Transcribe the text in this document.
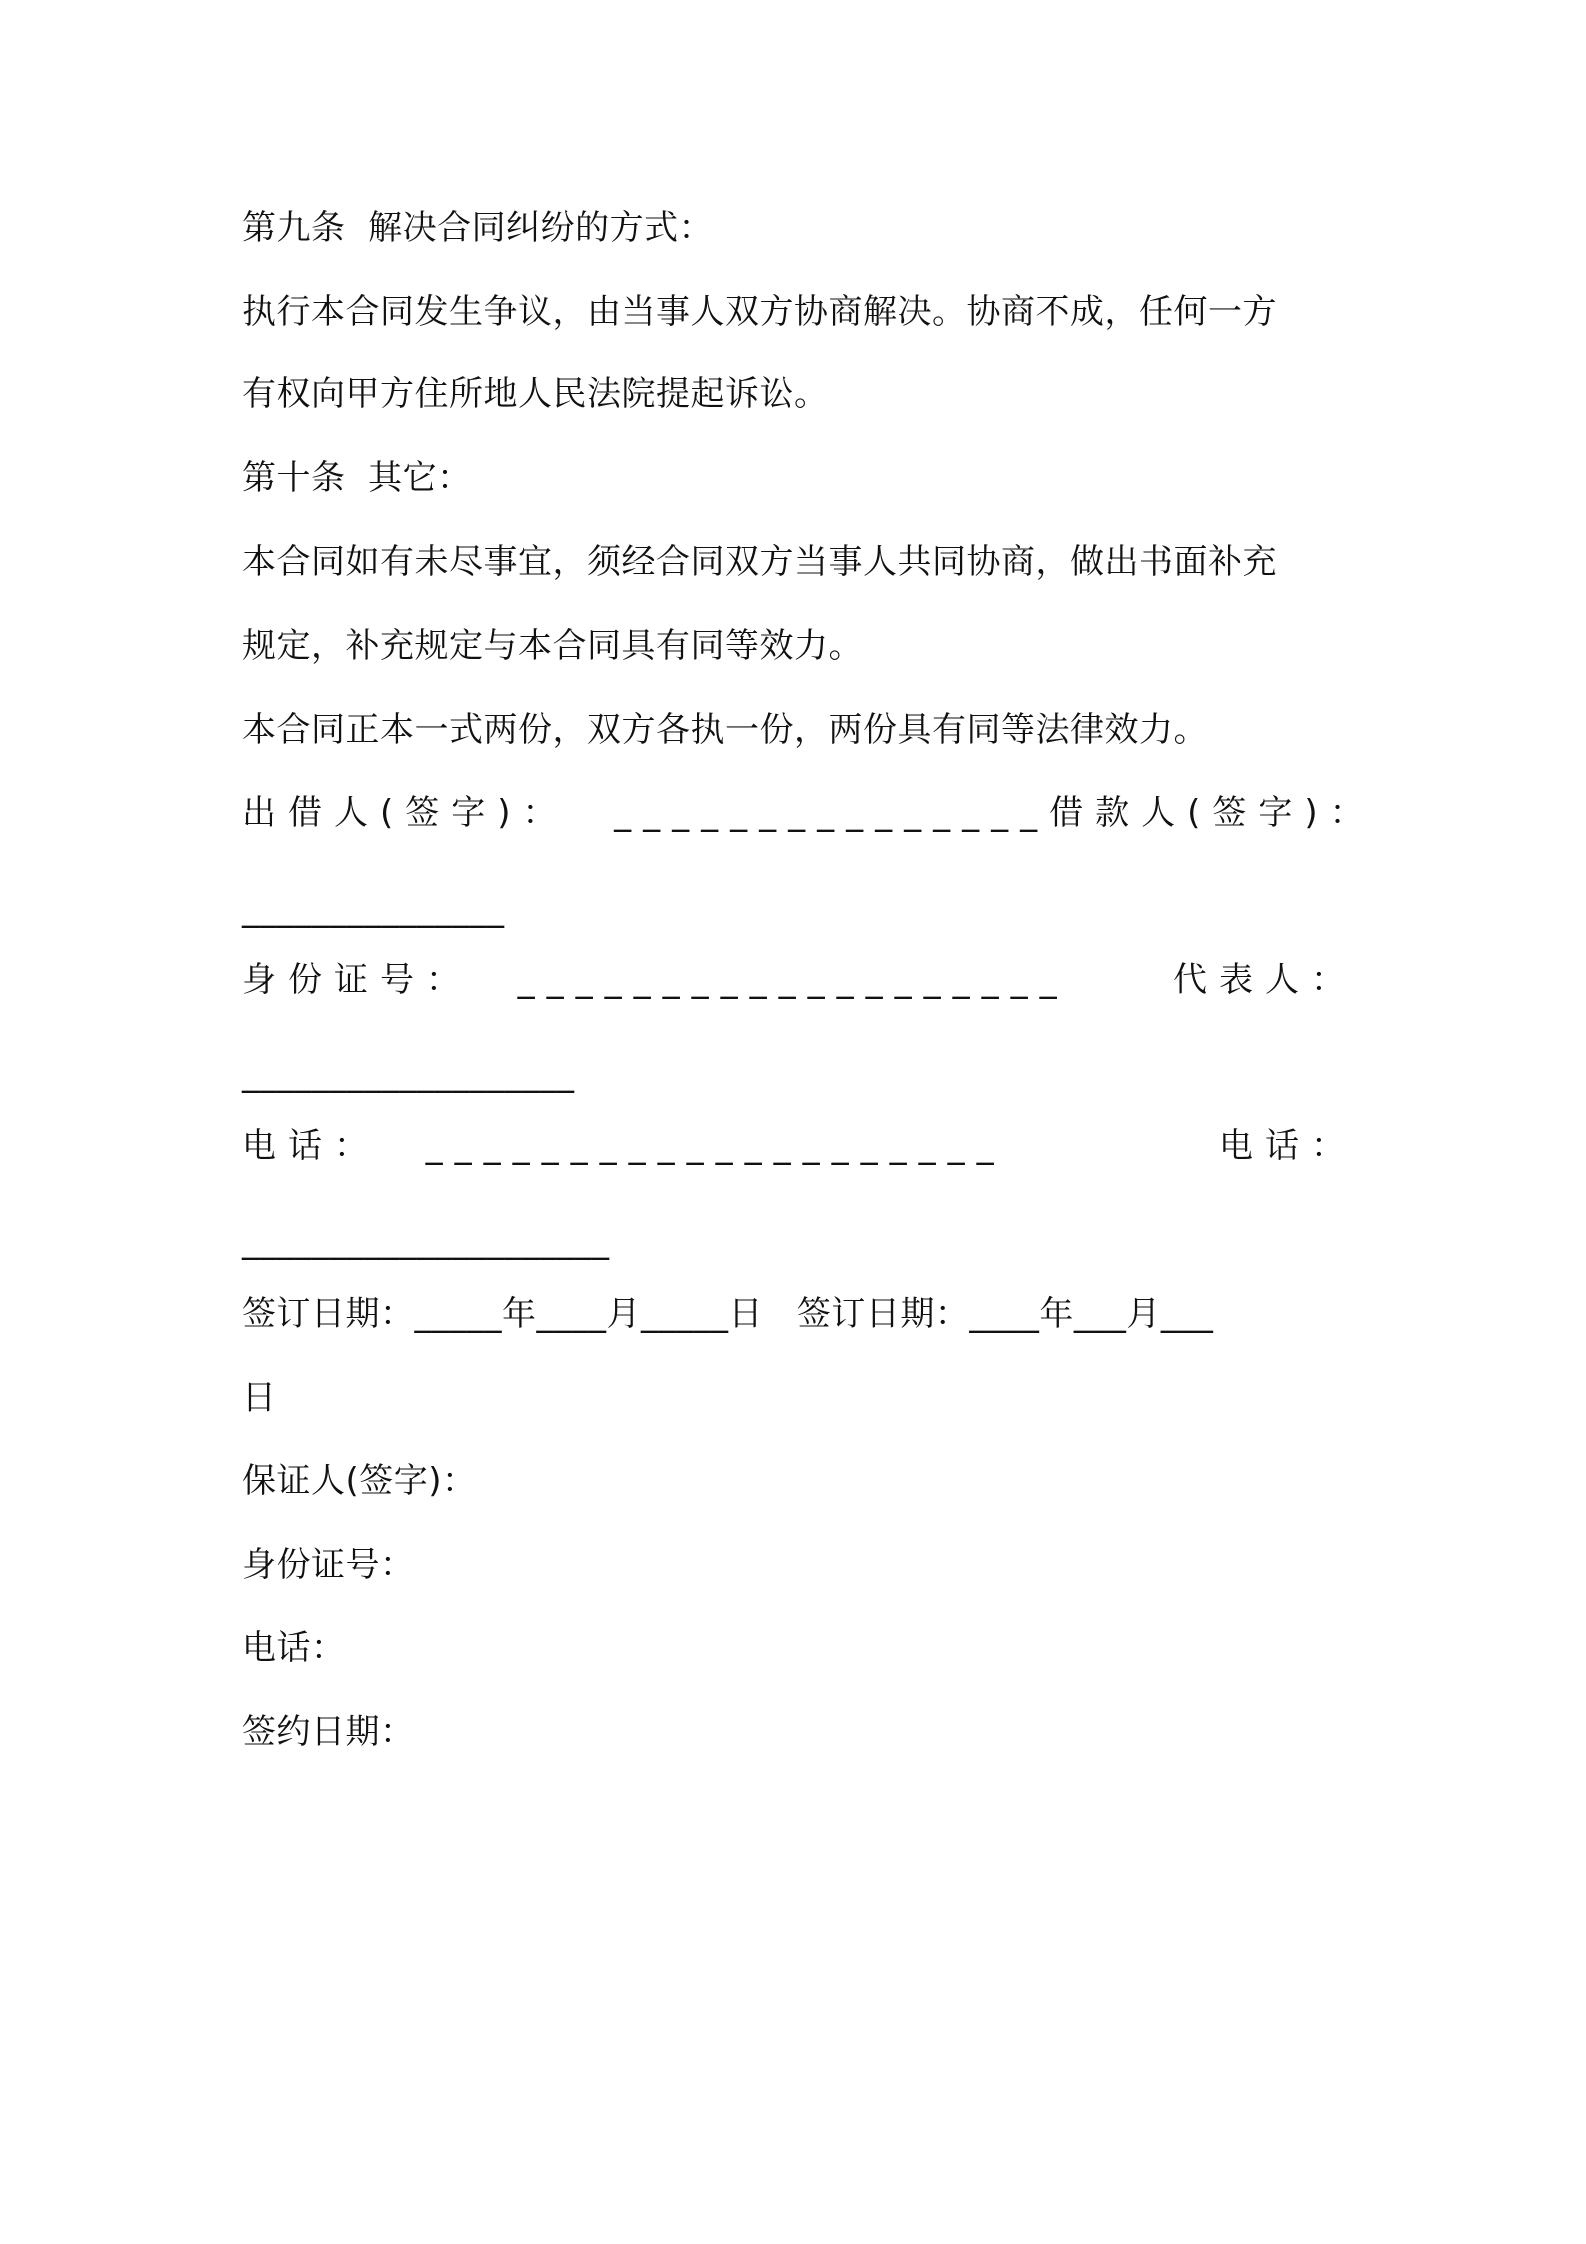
第九条  解决合同纠纷的方式：
执行本合同发生争议，由当事人双方协商解决。协商不成，任何一方
有权向甲方住所地人民法院提起诉讼。
第十条  其它：
本合同如有未尽事宜，须经合同双方当事人共同协商，做出书面补充
规定，补充规定与本合同具有同等效力。
本合同正本一式两份，双方各执一份，两份具有同等法律效力。
出借人(签字)：  _______________ 借款人(签字)：
_______________
身份证号：  ___________________	代表人：
___________________
电话：  ____________________	电话：
_____________________
签订日期：_____年____月_____日   签订日期：____年___月___
日
保证人(签字)：
身份证号：
电话：
签约日期：
